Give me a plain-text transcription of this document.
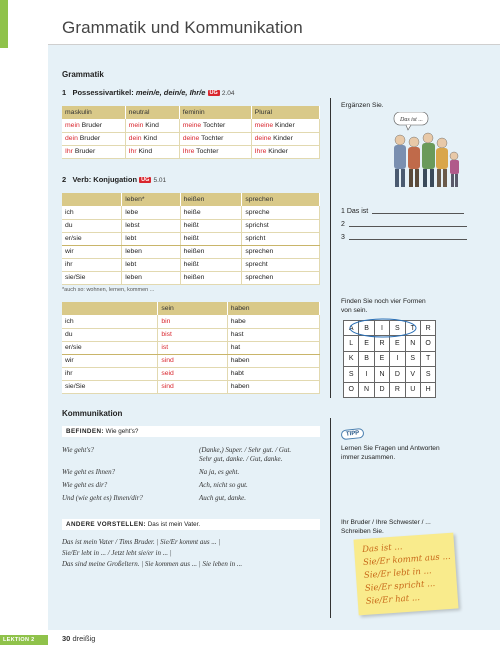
Grammatik und Kommunikation
Grammatik
1 Possessivartikel: mein/e, dein/e, Ihr/e ÜG 2.04
maskulin	neutral	feminin	Plural
mein Bruder	mein Kind	meine Tochter	meine Kinder
dein Bruder	dein Kind	deine Tochter	deine Kinder
Ihr Bruder	Ihr Kind	Ihre Tochter	Ihre Kinder
2 Verb: Konjugation ÜG 5.01
	leben*	heißen	sprechen
ich	lebe	heiße	spreche
du	lebst	heißt	sprichst
er/sie	lebt	heißt	spricht
wir	leben	heißen	sprechen
ihr	lebt	heißt	sprecht
sie/Sie	leben	heißen	sprechen
*auch so: wohnen, lernen, kommen ...
	sein	haben
ich	bin	habe
du	bist	hast
er/sie	ist	hat
wir	sind	haben
ihr	seid	habt
sie/Sie	sind	haben
Ergänzen Sie.
Das ist ...
1 Das ist
2
3
Finden Sie noch vier Formen
von sein.
A	B	I	S	T	R
L	E	R	E	N	O
K	B	E	I	S	T
S	I	N	D	V	S
O	N	D	R	U	H
TIPP
Lernen Sie Fragen und Antworten
immer zusammen.
Ihr Bruder / Ihre Schwester / ...
Schreiben Sie.
Das ist ...
Sie/Er kommt aus ...
Sie/Er lebt in ...
Sie/Er spricht ...
Sie/Er hat ...
Kommunikation
BEFINDEN: Wie geht's?
Wie geht's?	(Danke,) Super. / Sehr gut. / Gut.
Sehr gut, danke. / Gut, danke.
Wie geht es Ihnen?	Na ja, es geht.
Wie geht es dir?	Ach, nicht so gut.
Und (wie geht es) Ihnen/dir?	Auch gut, danke.
ANDERE VORSTELLEN: Das ist mein Vater.
Das ist mein Vater / Tims Bruder. | Sie/Er kommt aus ... |
Sie/Er lebt in ... / Jetzt lebt sie/er in ... |
Das sind meine Großeltern. | Sie kommen aus ... | Sie leben in ...
LEKTION 2	30 dreißig
